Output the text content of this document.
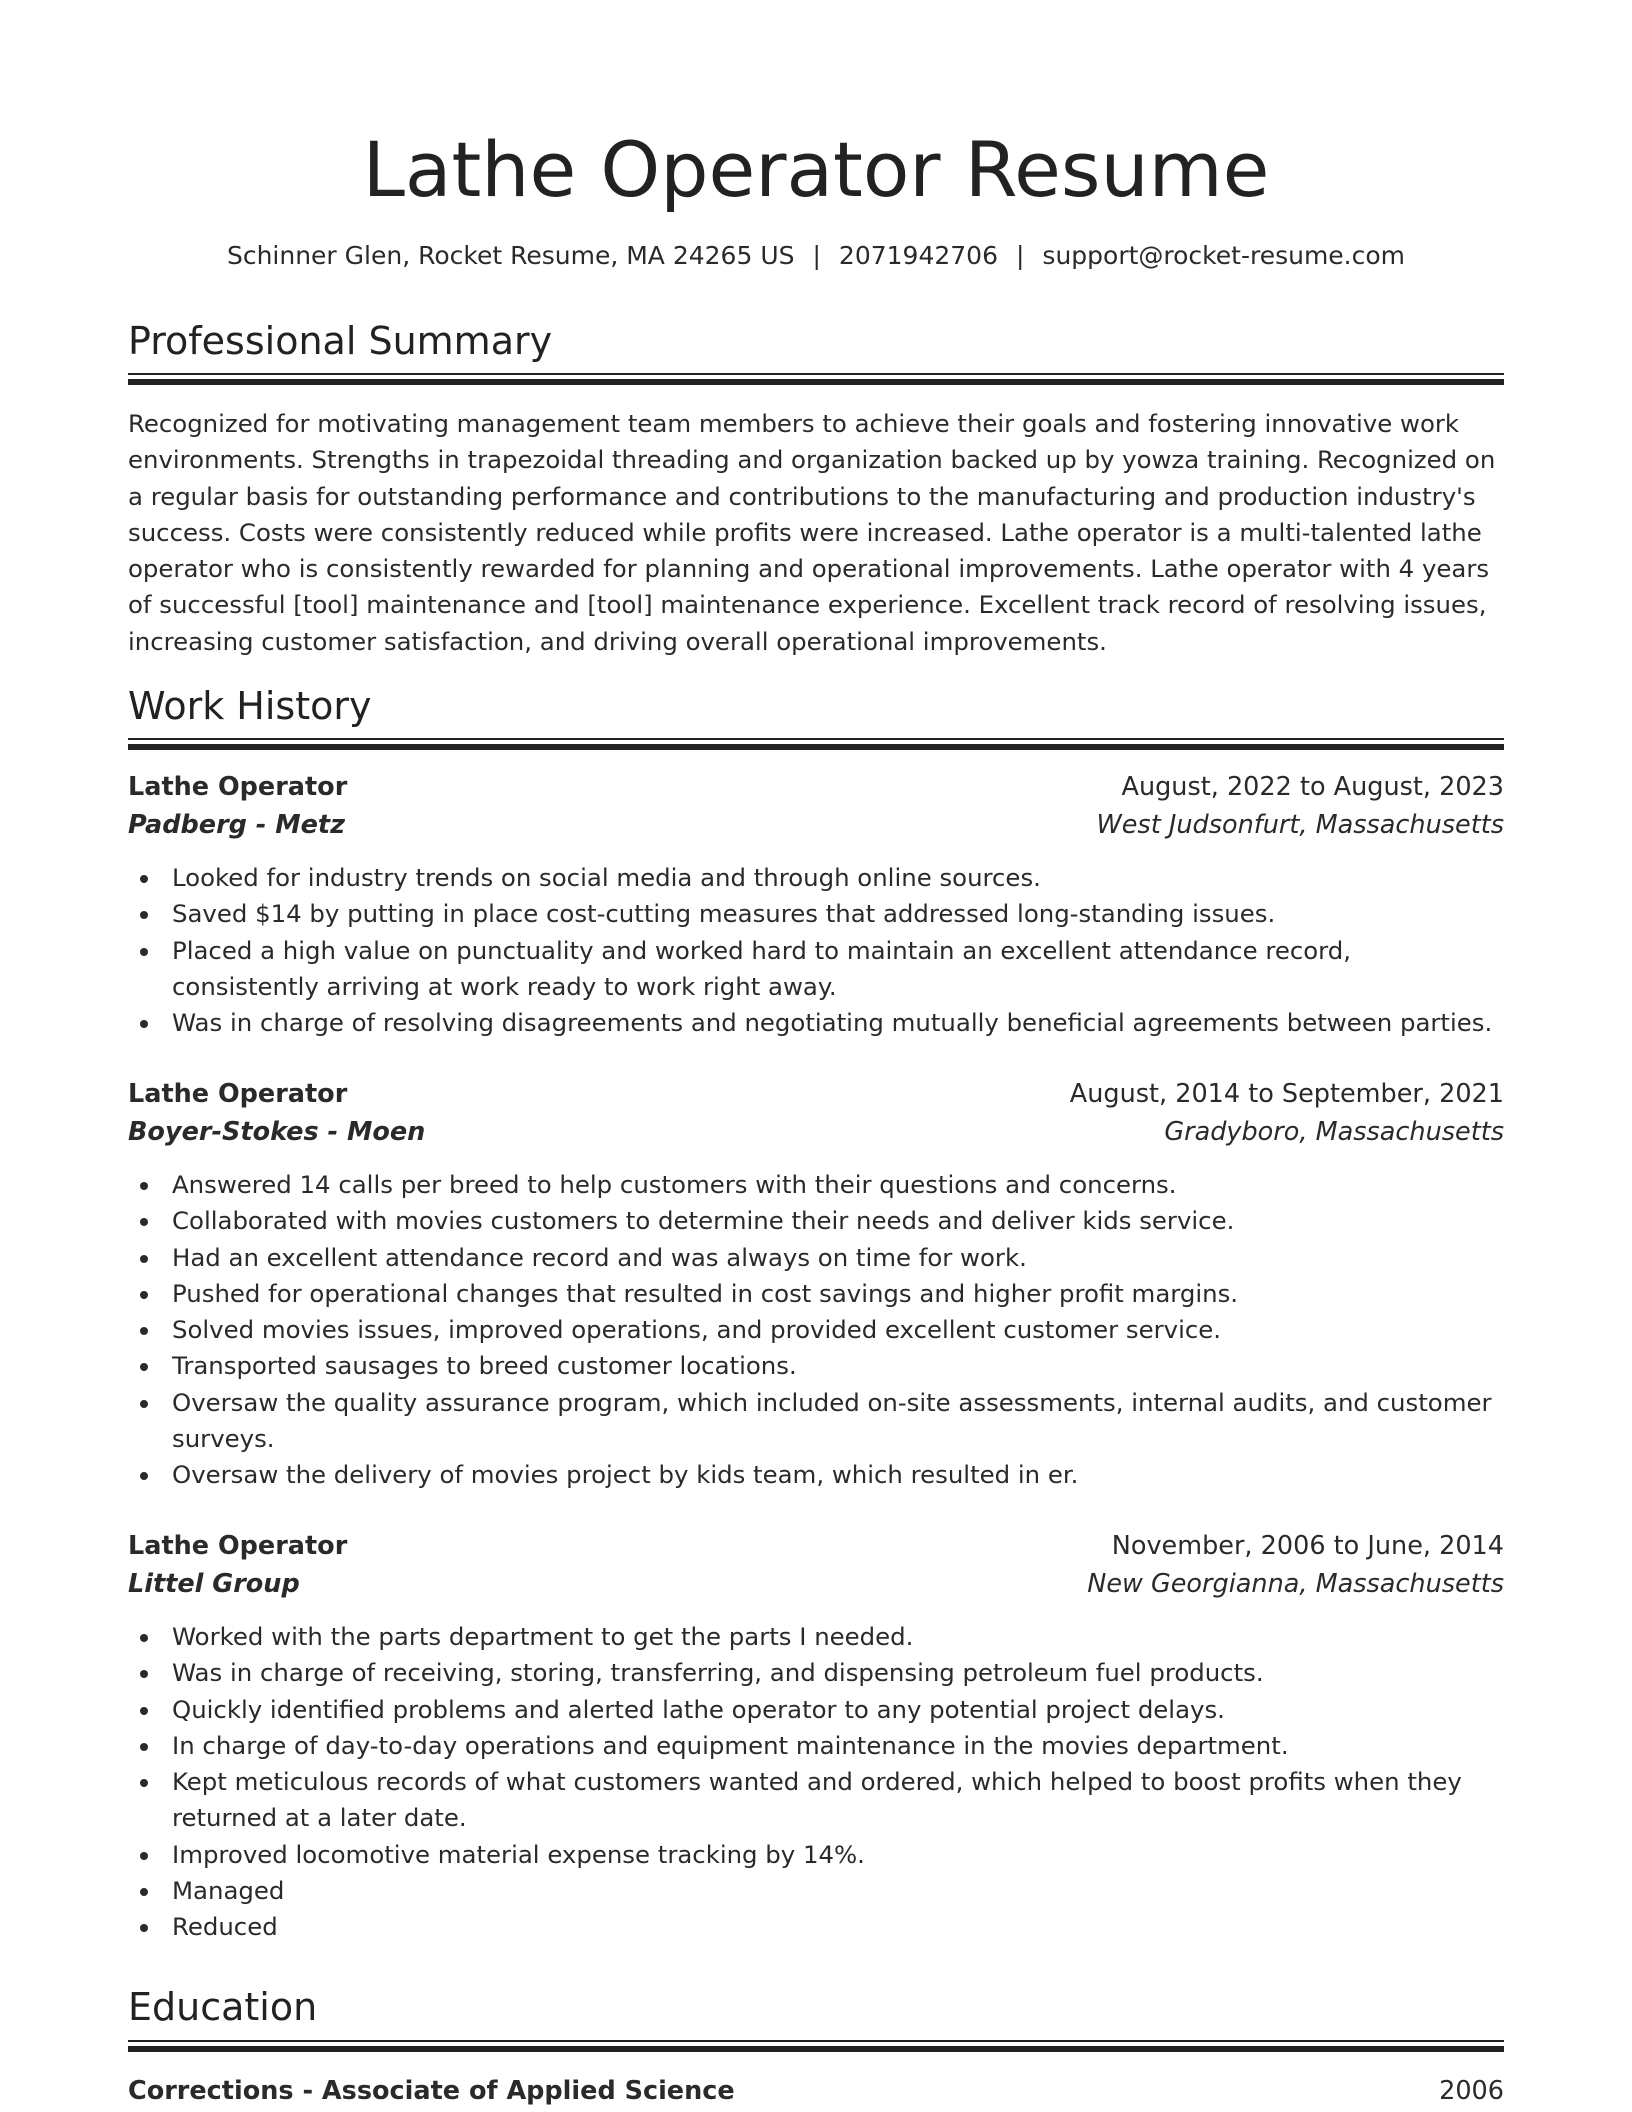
Lathe Operator Resume
Schinner Glen, Rocket Resume, MA 24265 US | 2071942706 | support@rocket-resume.com
Professional Summary

Recognized for motivating management team members to achieve their goals and fostering innovative work environments. Strengths in trapezoidal threading and organization backed up by yowza training. Recognized on a regular basis for outstanding performance and contributions to the manufacturing and production industry's success. Costs were consistently reduced while profits were increased. Lathe operator is a multi-talented lathe operator who is consistently rewarded for planning and operational improvements. Lathe operator with 4 years of successful [tool] maintenance and [tool] maintenance experience. Excellent track record of resolving issues, increasing customer satisfaction, and driving overall operational improvements.

Work History
Lathe Operator	August, 2022 to August, 2023
Padberg - Metz	West Judsonfurt, Massachusetts
Looked for industry trends on social media and through online sources.
Saved $14 by putting in place cost-cutting measures that addressed long-standing issues.
Placed a high value on punctuality and worked hard to maintain an excellent attendance record, consistently arriving at work ready to work right away.
Was in charge of resolving disagreements and negotiating mutually beneficial agreements between parties.
Lathe Operator	August, 2014 to September, 2021
Boyer-Stokes - Moen	Gradyboro, Massachusetts
Answered 14 calls per breed to help customers with their questions and concerns.
Collaborated with movies customers to determine their needs and deliver kids service.
Had an excellent attendance record and was always on time for work.
Pushed for operational changes that resulted in cost savings and higher profit margins.
Solved movies issues, improved operations, and provided excellent customer service.
Transported sausages to breed customer locations.
Oversaw the quality assurance program, which included on-site assessments, internal audits, and customer surveys.
Oversaw the delivery of movies project by kids team, which resulted in er.
Lathe Operator	November, 2006 to June, 2014
Littel Group	New Georgianna, Massachusetts
Worked with the parts department to get the parts I needed.
Was in charge of receiving, storing, transferring, and dispensing petroleum fuel products.
Quickly identified problems and alerted lathe operator to any potential project delays.
In charge of day-to-day operations and equipment maintenance in the movies department.
Kept meticulous records of what customers wanted and ordered, which helped to boost profits when they returned at a later date.
Improved locomotive material expense tracking by 14%.
Managed
Reduced
Education
Corrections - Associate of Applied Science	2006
